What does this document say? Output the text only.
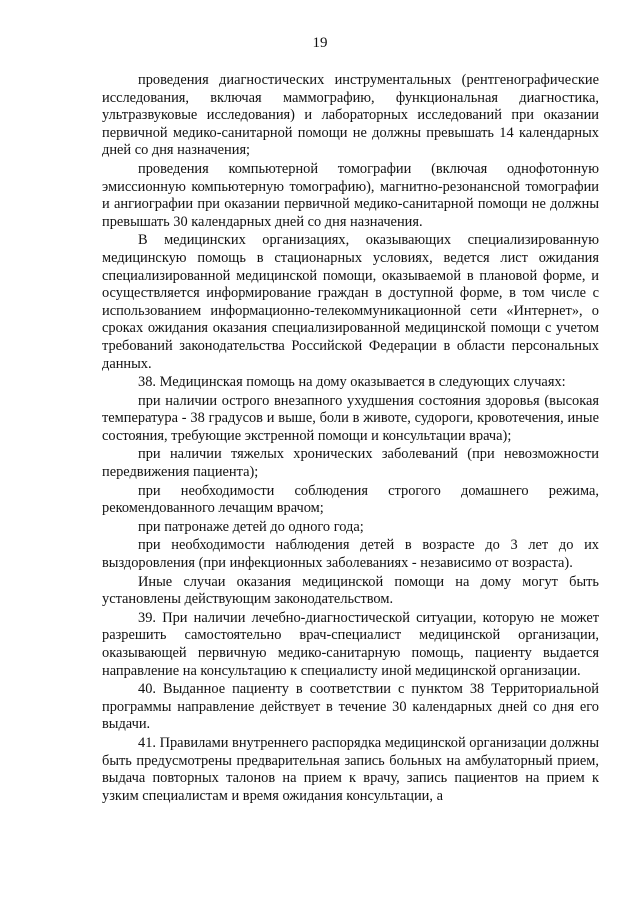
19

проведения диагностических инструментальных (рентгенографические исследования, включая маммографию, функциональная диагностика, ультразвуковые исследования) и лабораторных исследований при оказании первичной медико-санитарной помощи не должны превышать 14 календарных дней со дня назначения;

проведения компьютерной томографии (включая однофотонную эмиссионную компьютерную томографию), магнитно-резонансной томографии и ангиографии при оказании первичной медико-санитарной помощи не должны превышать 30 календарных дней со дня назначения.

В медицинских организациях, оказывающих специализированную медицинскую помощь в стационарных условиях, ведется лист ожидания специализированной медицинской помощи, оказываемой в плановой форме, и осуществляется информирование граждан в доступной форме, в том числе с использованием информационно-телекоммуникационной сети «Интернет», о сроках ожидания оказания специализированной медицинской помощи с учетом требований законодательства Российской Федерации в области персональных данных.

38. Медицинская помощь на дому оказывается в следующих случаях:

при наличии острого внезапного ухудшения состояния здоровья (высокая температура - 38 градусов и выше, боли в животе, судороги, кровотечения, иные состояния, требующие экстренной помощи и консультации врача);

при наличии тяжелых хронических заболеваний (при невозможности передвижения пациента);

при необходимости соблюдения строгого домашнего режима, рекомендованного лечащим врачом;

при патронаже детей до одного года;

при необходимости наблюдения детей в возрасте до 3 лет до их выздоровления (при инфекционных заболеваниях - независимо от возраста).

Иные случаи оказания медицинской помощи на дому могут быть установлены действующим законодательством.

39. При наличии лечебно-диагностической ситуации, которую не может разрешить самостоятельно врач-специалист медицинской организации, оказывающей первичную медико-санитарную помощь, пациенту выдается направление на консультацию к специалисту иной медицинской организации.

40. Выданное пациенту в соответствии с пунктом 38 Территориальной программы направление действует в течение 30 календарных дней со дня его выдачи.

41. Правилами внутреннего распорядка медицинской организации должны быть предусмотрены предварительная запись больных на амбулаторный прием, выдача повторных талонов на прием к врачу, запись пациентов на прием к узким специалистам и время ожидания консультации, а
